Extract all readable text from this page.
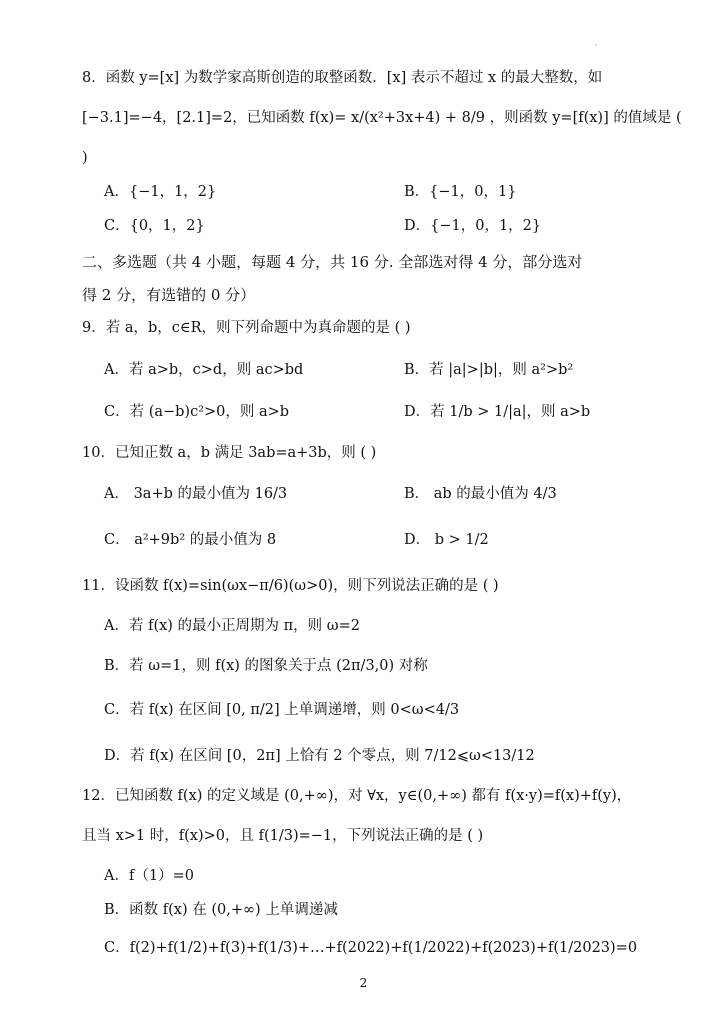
8．函数 y=[x] 为数学家高斯创造的取整函数．[x] 表示不超过 x 的最大整数，如
[−3.1]=−4，[2.1]=2，已知函数 f(x)= x/(x²+3x+4) + 8/9 ，则函数 y=[f(x)] 的值域是 (
)
A．{−1，1，2}	B．{−1，0，1}
C．{0，1，2}	D．{−1，0，1，2}
二、多选题（共 4 小题，每题 4 分，共 16 分. 全部选对得 4 分，部分选对
得 2 分，有选错的 0 分）
9．若 a，b，c∈R，则下列命题中为真命题的是 ( )
A．若 a>b，c>d，则 ac>bd	B．若 |a|>|b|，则 a²>b²
C．若 (a−b)c²>0，则 a>b	D．若 1/b > 1/|a|，则 a>b
10．已知正数 a，b 满足 3ab=a+3b，则 ( )
A． 3a+b 的最小值为 16/3	B． ab 的最小值为 4/3
C． a²+9b² 的最小值为 8	D． b > 1/2
11．设函数 f(x)=sin(ωx−π/6)(ω>0)，则下列说法正确的是 ( )
A．若 f(x) 的最小正周期为 π，则 ω=2
B．若 ω=1，则 f(x) 的图象关于点 (2π/3,0) 对称
C．若 f(x) 在区间 [0, π/2] 上单调递增，则 0<ω<4/3
D．若 f(x) 在区间 [0，2π] 上恰有 2 个零点，则 7/12⩽ω<13/12
12．已知函数 f(x) 的定义域是 (0,+∞)，对 ∀x，y∈(0,+∞) 都有 f(x·y)=f(x)+f(y)，
且当 x>1 时，f(x)>0，且 f(1/3)=−1，下列说法正确的是 ( )
A．f（1）=0
B．函数 f(x) 在 (0,+∞) 上单调递减
C．f(2)+f(1/2)+f(3)+f(1/3)+…+f(2022)+f(1/2022)+f(2023)+f(1/2023)=0
2
